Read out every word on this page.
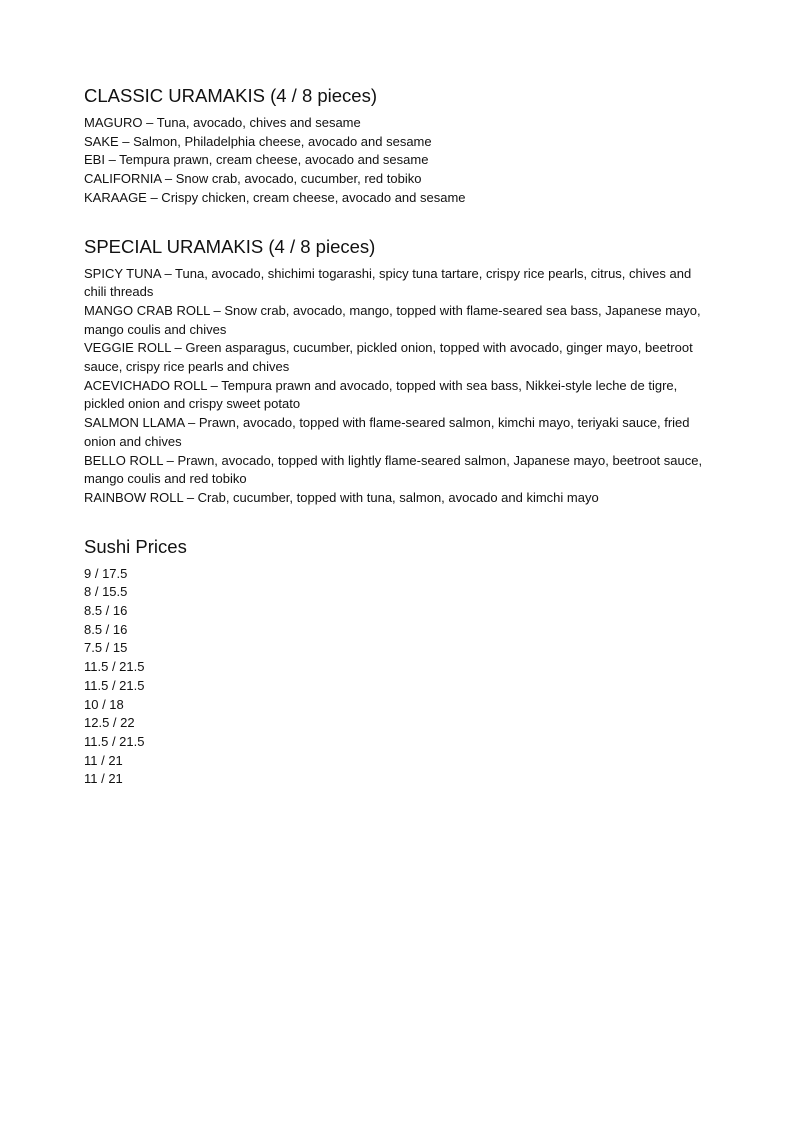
CLASSIC URAMAKIS (4 / 8 pieces)

MAGURO – Tuna, avocado, chives and sesame

SAKE – Salmon, Philadelphia cheese, avocado and sesame

EBI – Tempura prawn, cream cheese, avocado and sesame

CALIFORNIA – Snow crab, avocado, cucumber, red tobiko

KARAAGE – Crispy chicken, cream cheese, avocado and sesame

SPECIAL URAMAKIS (4 / 8 pieces)

SPICY TUNA – Tuna, avocado, shichimi togarashi, spicy tuna tartare, crispy rice pearls, citrus, chives and chili threads

MANGO CRAB ROLL – Snow crab, avocado, mango, topped with flame-seared sea bass, Japanese mayo, mango coulis and chives

VEGGIE ROLL – Green asparagus, cucumber, pickled onion, topped with avocado, ginger mayo, beetroot sauce, crispy rice pearls and chives

ACEVICHADO ROLL – Tempura prawn and avocado, topped with sea bass, Nikkei-style leche de tigre, pickled onion and crispy sweet potato

SALMON LLAMA – Prawn, avocado, topped with flame-seared salmon, kimchi mayo, teriyaki sauce, fried onion and chives

BELLO ROLL – Prawn, avocado, topped with lightly flame-seared salmon, Japanese mayo, beetroot sauce, mango coulis and red tobiko

RAINBOW ROLL – Crab, cucumber, topped with tuna, salmon, avocado and kimchi mayo

Sushi Prices

9 / 17.5

8 / 15.5

8.5 / 16

8.5 / 16

7.5 / 15

11.5 / 21.5

11.5 / 21.5

10 / 18

12.5 / 22

11.5 / 21.5

11 / 21

11 / 21
